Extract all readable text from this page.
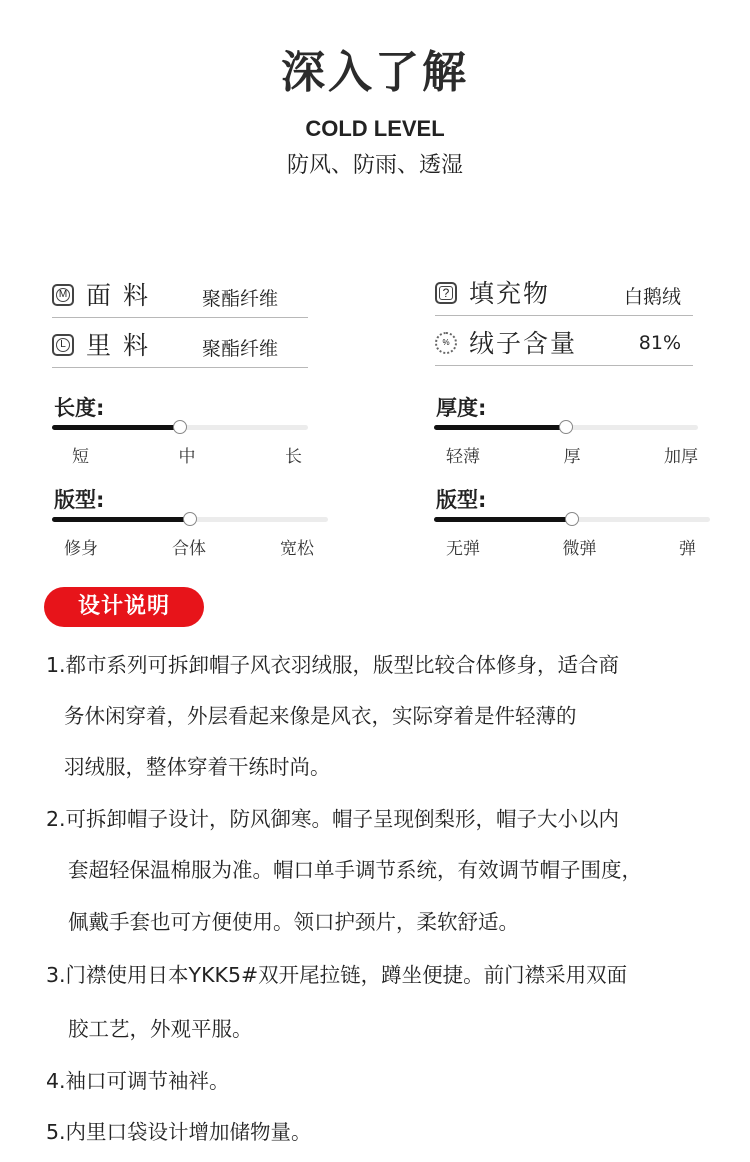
深入了解
COLD LEVEL
防风、防雨、透湿
M 面 料	聚酯纤维
L 里 料	聚酯纤维
? 填充物	白鹅绒
% 绒子含量	81%
长度:
短	中	长
厚度:
轻薄	厚	加厚
版型:
修身	合体	宽松
版型:
无弹	微弹	弹
设计说明
1.都市系列可拆卸帽子风衣羽绒服，版型比较合体修身，适合商
务休闲穿着，外层看起来像是风衣，实际穿着是件轻薄的
羽绒服，整体穿着干练时尚。
2.可拆卸帽子设计，防风御寒。帽子呈现倒梨形，帽子大小以内
套超轻保温棉服为准。帽口单手调节系统，有效调节帽子围度，
佩戴手套也可方便使用。领口护颈片，柔软舒适。
3.门襟使用日本YKK5#双开尾拉链，蹲坐便捷。前门襟采用双面
胶工艺，外观平服。
4.袖口可调节袖袢。
5.内里口袋设计增加储物量。
